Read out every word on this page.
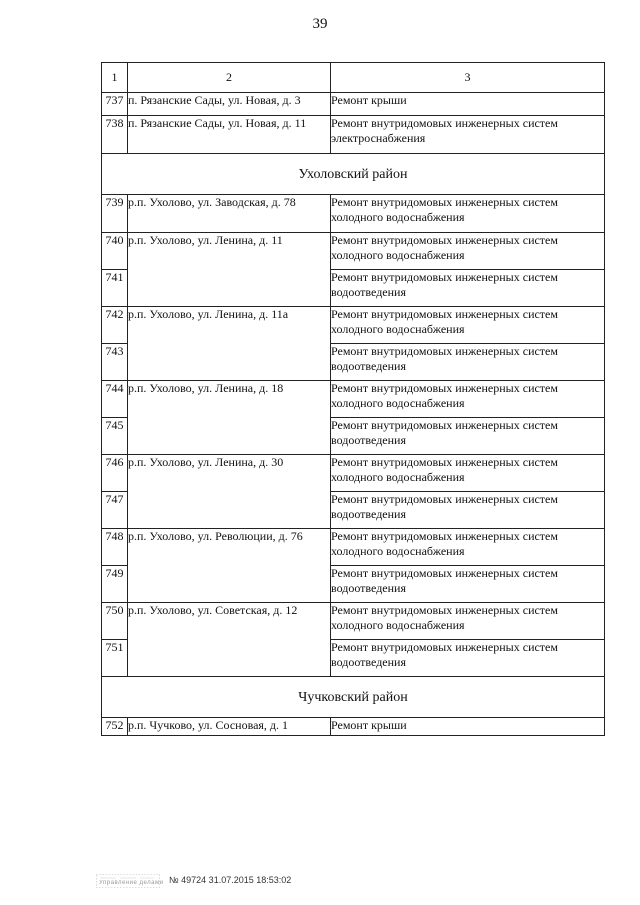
39
1	2	3
737	п. Рязанские Сады, ул. Новая, д. 3	Ремонт крыши
738	п. Рязанские Сады, ул. Новая, д. 11	Ремонт внутридомовых инженерных систем электроснабжения
Ухоловский район		
739	р.п. Ухолово, ул. Заводская, д. 78	Ремонт внутридомовых инженерных систем холодного водоснабжения
740	р.п. Ухолово, ул. Ленина, д. 11	Ремонт внутридомовых инженерных систем холодного водоснабжения
741		Ремонт внутридомовых инженерных систем водоотведения
742	р.п. Ухолово, ул. Ленина, д. 11а	Ремонт внутридомовых инженерных систем холодного водоснабжения
743		Ремонт внутридомовых инженерных систем водоотведения
744	р.п. Ухолово, ул. Ленина, д. 18	Ремонт внутридомовых инженерных систем холодного водоснабжения
745		Ремонт внутридомовых инженерных систем водоотведения
746	р.п. Ухолово, ул. Ленина, д. 30	Ремонт внутридомовых инженерных систем холодного водоснабжения
747		Ремонт внутридомовых инженерных систем водоотведения
748	р.п. Ухолово, ул. Революции, д. 76	Ремонт внутридомовых инженерных систем холодного водоснабжения
749		Ремонт внутридомовых инженерных систем водоотведения
750	р.п. Ухолово, ул. Советская, д. 12	Ремонт внутридомовых инженерных систем холодного водоснабжения
751		Ремонт внутридомовых инженерных систем водоотведения
Чучковский район		
752	р.п. Чучково, ул. Сосновая, д. 1	Ремонт крыши
Управление делами № 49724 31.07.2015 18:53:02
